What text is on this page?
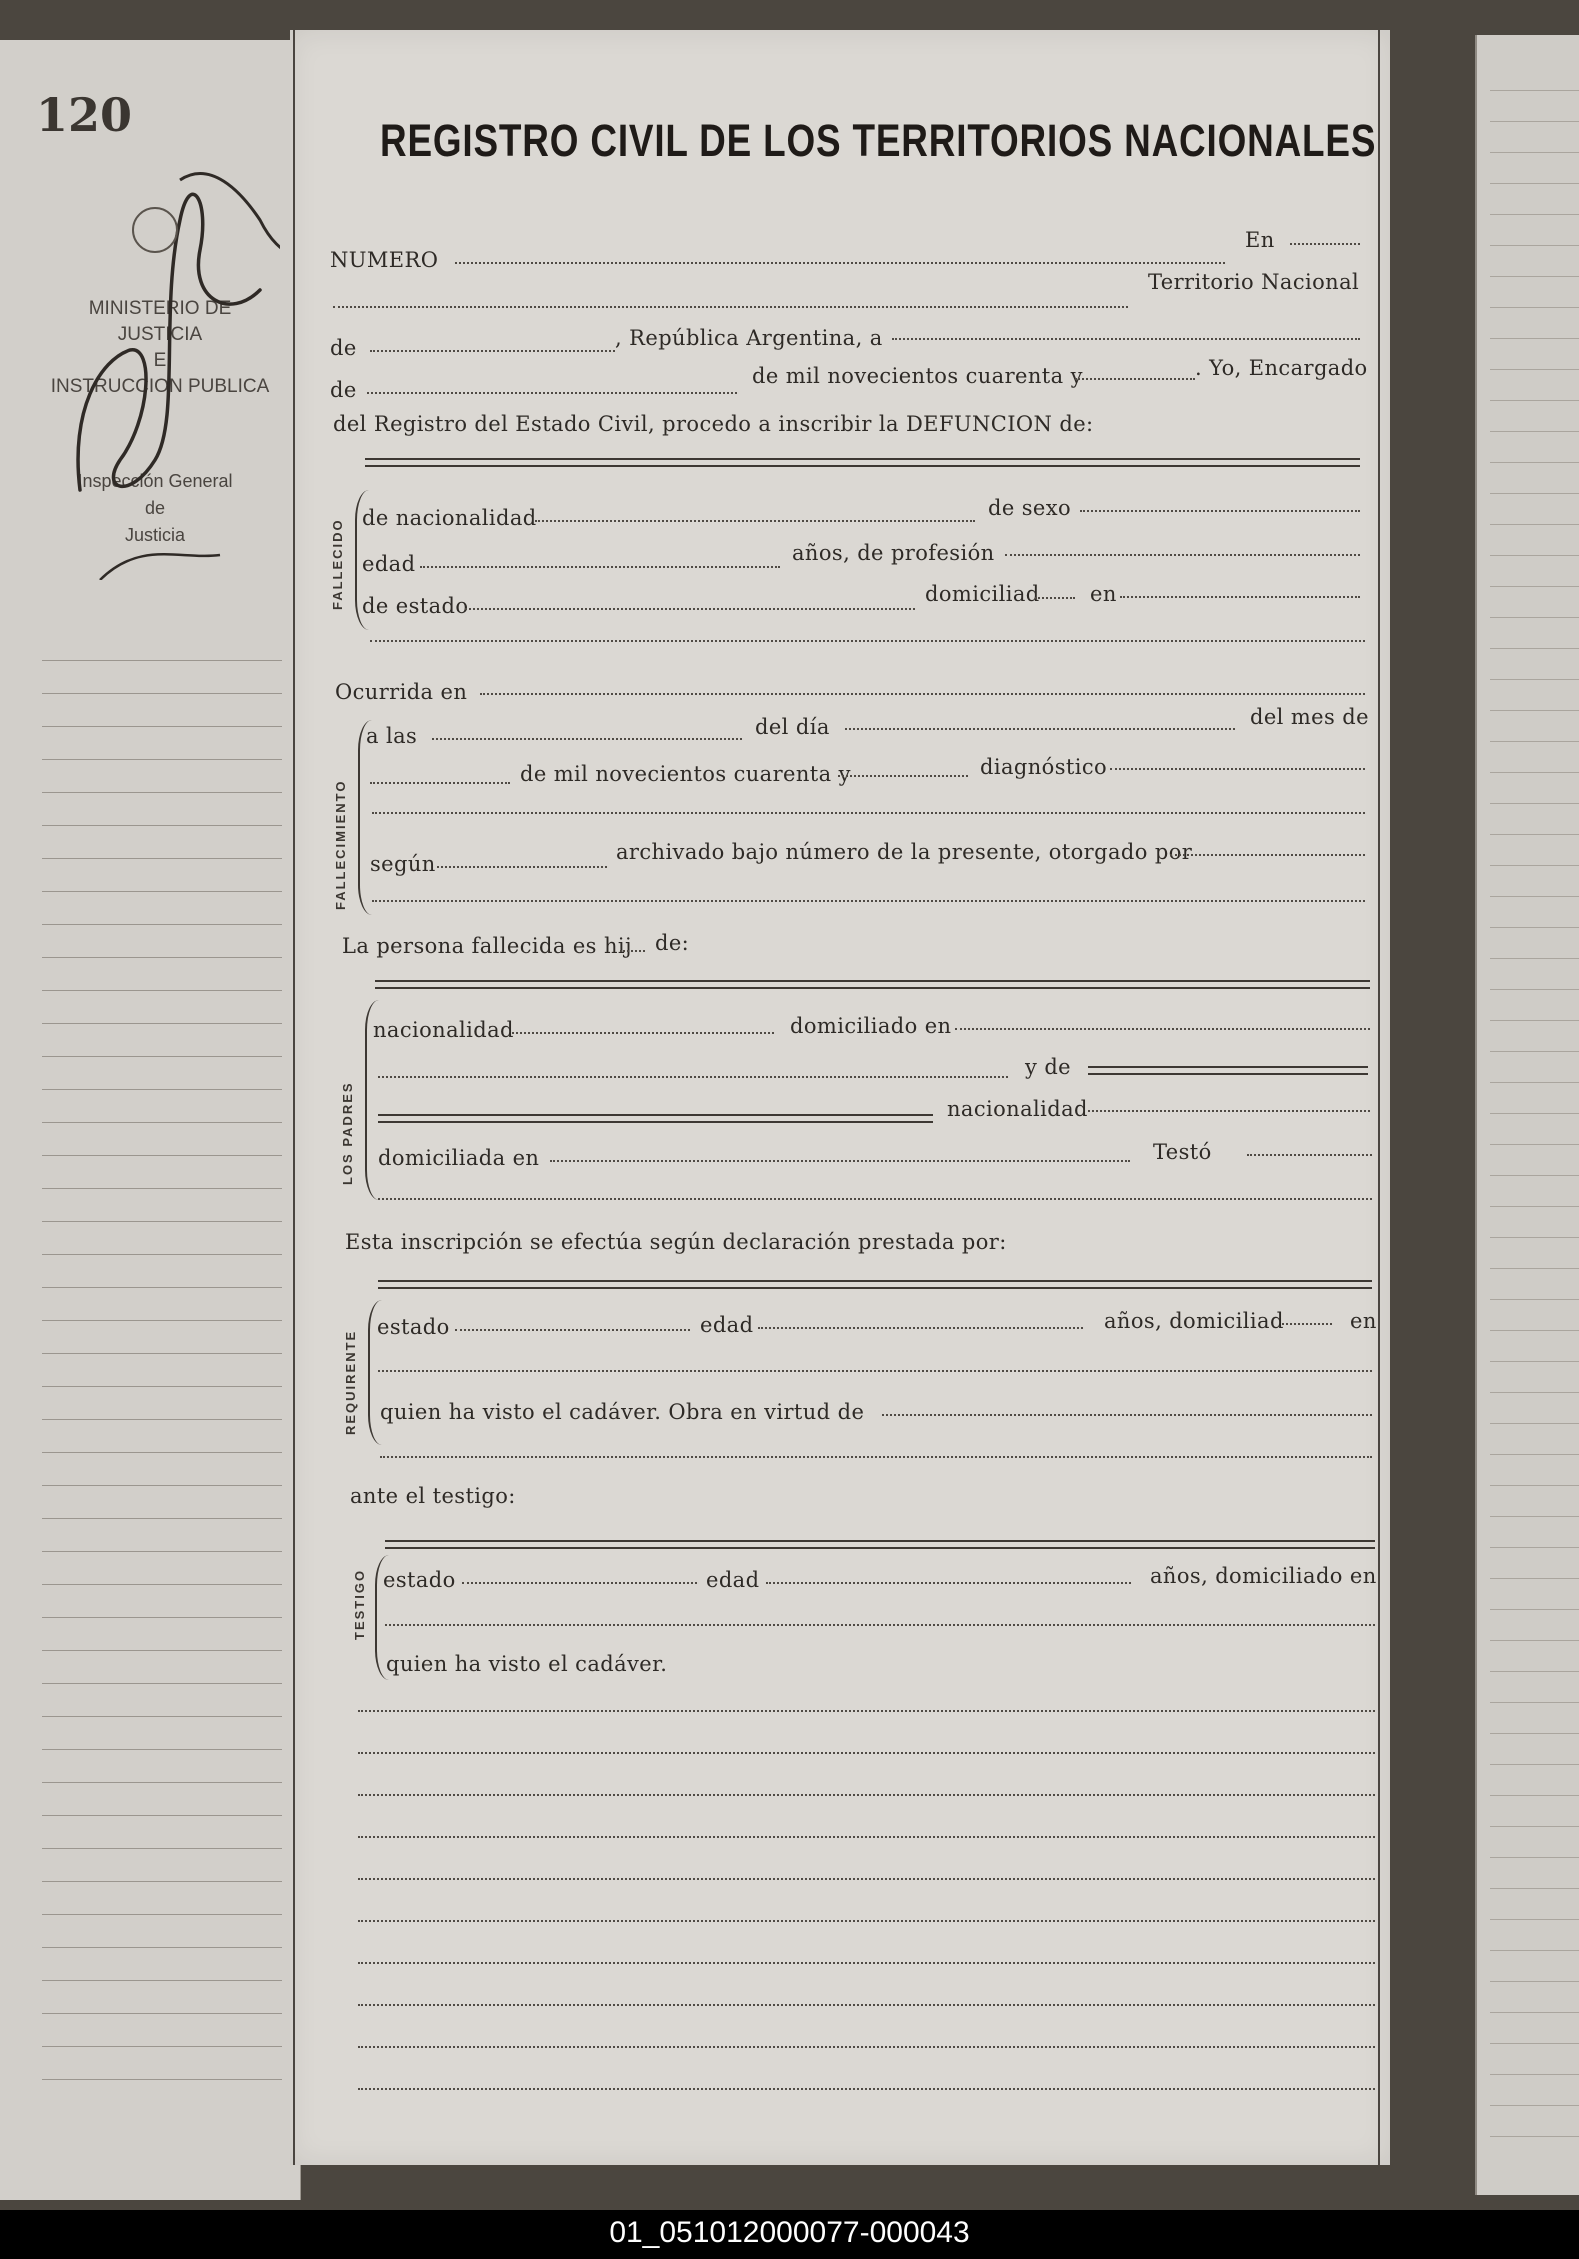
120
MINISTERIO DE JUSTICIA
E
INSTRUCCION PUBLICA
Inspección General
de
Justicia
REGISTRO CIVIL DE LOS TERRITORIOS NACIONALES
NUMERO
En
Territorio Nacional
de	, República Argentina, a
de
de mil novecientos cuarenta y	. Yo, Encargado
del Registro del Estado Civil, procedo a inscribir la DEFUNCION de:
FALLECIDO
de nacionalidad	de sexo
edad	años, de profesión
de estado	domiciliad en
Ocurrida en
FALLECIMIENTO
a las	del día	del mes de
de mil novecientos cuarenta y	diagnóstico
según	archivado bajo número de la presente, otorgado por
La persona fallecida es hij de:
LOS PADRES
nacionalidad	domiciliado en
y de
nacionalidad
domiciliada en	Testó
Esta inscripción se efectúa según declaración prestada por:
REQUIRENTE
estado	edad	años, domiciliad	en
quien ha visto el cadáver. Obra en virtud de
ante el testigo:
TESTIGO estado	edad	años, domiciliado en
quien ha visto el cadáver.
01_051012000077-000043
